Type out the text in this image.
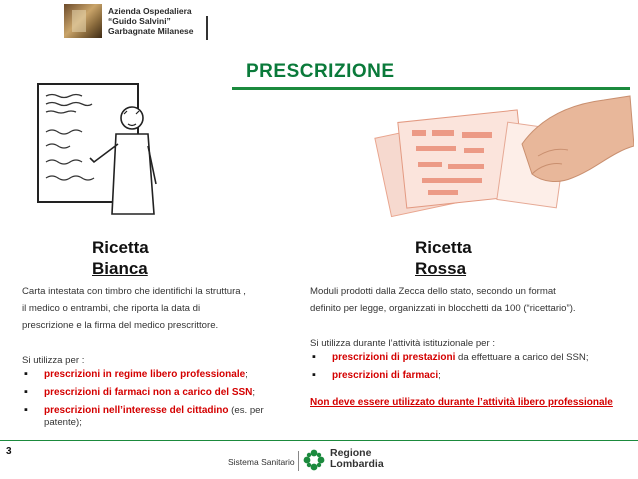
Azienda Ospedaliera
“Guido Salvini”
Garbagnate Milanese
PRESCRIZIONE
Ricetta
Bianca
Ricetta
Rossa

Carta intestata con timbro che identifichi la struttura ,

il medico o entrambi, che riporta la data di

prescrizione e la firma del medico prescrittore.

Si utilizza per :

▪ prescrizioni in regime libero professionale;
▪ prescrizioni di farmaci non a carico del SSN;
▪ prescrizioni nell’interesse del cittadino (es. per patente);

Moduli prodotti dalla Zecca dello stato, secondo un format

definito per legge, organizzati in blocchetti da 100 (“ricettario”).

Si utilizza durante l’attività istituzionale per :

▪ prescrizioni di prestazioni da effettuare a carico del SSN;
▪ prescrizioni di farmaci;

Non deve essere utilizzato durante l’attività libero professionale

3
Sistema Sanitario
Regione
Lombardia
